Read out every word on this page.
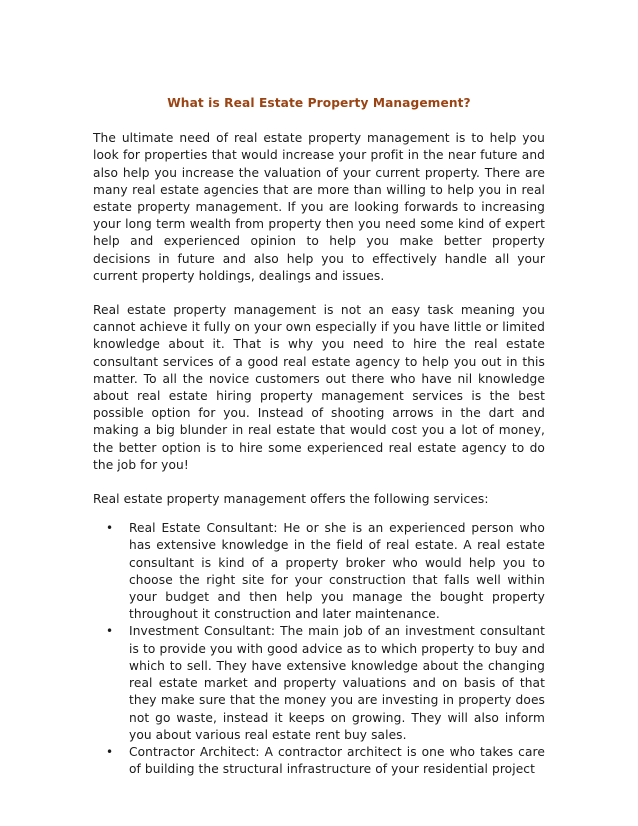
What is Real Estate Property Management?

The ultimate need of real estate property management is to help you look for properties that would increase your profit in the near future and also help you increase the valuation of your current property. There are many real estate agencies that are more than willing to help you in real estate property management. If you are looking forwards to increasing your long term wealth from property then you need some kind of expert help and experienced opinion to help you make better property decisions in future and also help you to effectively handle all your current property holdings, dealings and issues.

Real estate property management is not an easy task meaning you cannot achieve it fully on your own especially if you have little or limited knowledge about it. That is why you need to hire the real estate consultant services of a good real estate agency to help you out in this matter. To all the novice customers out there who have nil knowledge about real estate hiring property management services is the best possible option for you. Instead of shooting arrows in the dart and making a big blunder in real estate that would cost you a lot of money, the better option is to hire some experienced real estate agency to do the job for you!

Real estate property management offers the following services:

• Real Estate Consultant: He or she is an experienced person who has extensive knowledge in the field of real estate. A real estate consultant is kind of a property broker who would help you to choose the right site for your construction that falls well within your budget and then help you manage the bought property throughout it construction and later maintenance.
• Investment Consultant: The main job of an investment consultant is to provide you with good advice as to which property to buy and which to sell. They have extensive knowledge about the changing real estate market and property valuations and on basis of that they make sure that the money you are investing in property does not go waste, instead it keeps on growing. They will also inform you about various real estate rent buy sales.
• Contractor Architect: A contractor architect is one who takes care of building the structural infrastructure of your residential project
